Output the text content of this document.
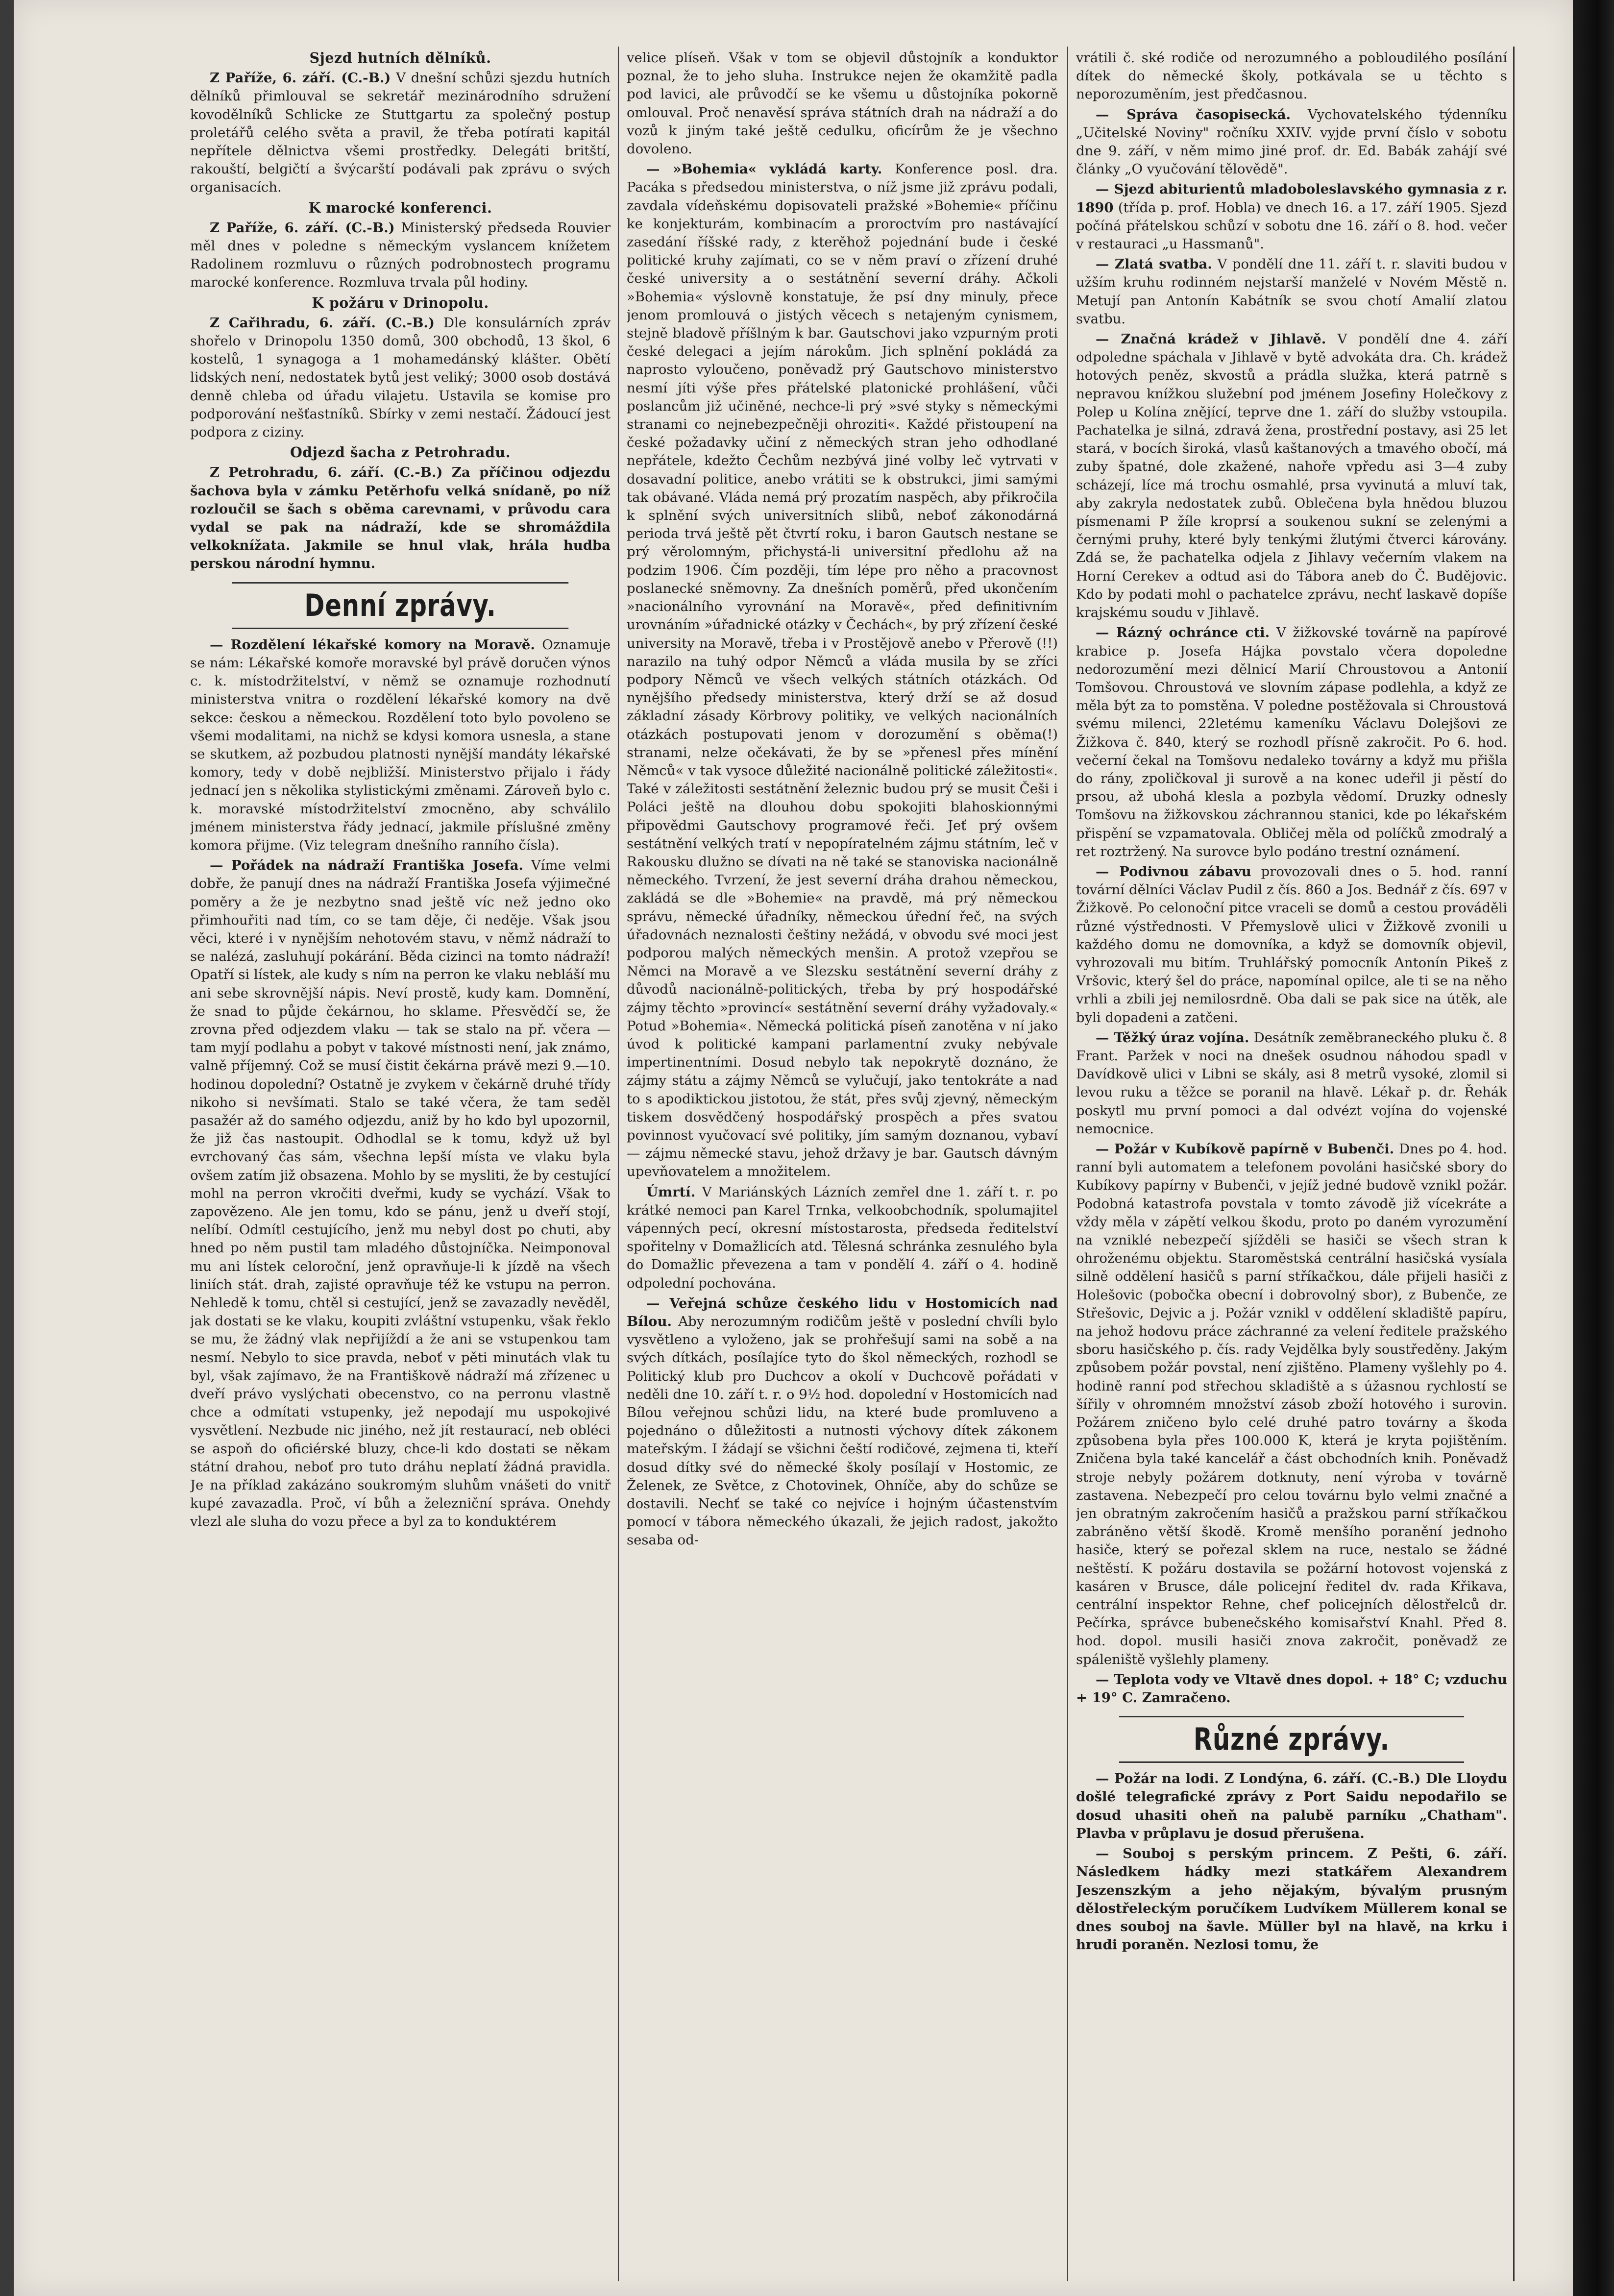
Sjezd hutních dělníků.

Z Paříže, 6. září. (C.-B.) V dnešní schůzi sjezdu hutních dělníků přimlouval se sekretář mezinárodního sdružení kovodělníků Schlicke ze Stuttgartu za společný postup proletářů celého světa a pravil, že třeba potírati kapitál nepřítele dělnictva všemi prostředky. Delegáti britští, rakouští, belgičtí a švýcarští podávali pak zprávu o svých organisacích.

K marocké konferenci.

Z Paříže, 6. září. (C.-B.) Ministerský předseda Rouvier měl dnes v poledne s německým vyslancem knížetem Radolinem rozmluvu o různých podrobnostech programu marocké konference. Rozmluva trvala půl hodiny.

K požáru v Drinopolu.

Z Cařihradu, 6. září. (C.-B.) Dle konsulárních zpráv shořelo v Drinopolu 1350 domů, 300 obchodů, 13 škol, 6 kostelů, 1 synagoga a 1 mohamedánský klášter. Obětí lidských není, nedostatek bytů jest veliký; 3000 osob dostává denně chleba od úřadu vilajetu. Ustavila se komise pro podporování nešťastníků. Sbírky v zemi nestačí. Žádoucí jest podpora z ciziny.

Odjezd šacha z Petrohradu.

Z Petrohradu, 6. září. (C.-B.) Za příčinou odjezdu šachova byla v zámku Petěrhofu velká snídaně, po níž rozloučil se šach s oběma carevnami, v průvodu cara vydal se pak na nádraží, kde se shromáždila velkoknížata. Jakmile se hnul vlak, hrála hudba perskou národní hymnu.

Denní zprávy.

— Rozdělení lékařské komory na Moravě. Oznamuje se nám: Lékařské komoře moravské byl právě doručen výnos c. k. místodržitelství, v němž se oznamuje rozhodnutí ministerstva vnitra o rozdělení lékařské komory na dvě sekce: českou a německou. Rozdělení toto bylo povoleno se všemi modalitami, na nichž se kdysi komora usnesla, a stane se skutkem, až pozbudou platnosti nynější mandáty lékařské komory, tedy v době nejbližší. Ministerstvo přijalo i řády jednací jen s několika stylistickými změnami. Zároveň bylo c. k. moravské místodržitelství zmocněno, aby schválilo jménem ministerstva řády jednací, jakmile příslušné změny komora přijme. (Viz telegram dnešního ranního čísla).

— Pořádek na nádraží Františka Josefa. Víme velmi dobře, že panují dnes na nádraží Františka Josefa výjimečné poměry a že je nezbytno snad ještě víc než jedno oko přimhouřiti nad tím, co se tam děje, či neděje. Však jsou věci, které i v nynějším nehotovém stavu, v němž nádraží to se nalézá, zasluhují pokárání. Běda cizinci na tomto nádraží! Opatří si lístek, ale kudy s ním na perron ke vlaku nebláší mu ani sebe skrovnější nápis. Neví prostě, kudy kam. Domnění, že snad to půjde čekárnou, ho sklame. Přesvědčí se, že zrovna před odjezdem vlaku — tak se stalo na př. včera — tam myjí podlahu a pobyt v takové místnosti není, jak známo, valně příjemný. Což se musí čistit čekárna právě mezi 9.—10. hodinou dopolední? Ostatně je zvykem v čekárně druhé třídy nikoho si nevšímati. Stalo se také včera, že tam seděl pasažér až do samého odjezdu, aniž by ho kdo byl upozornil, že již čas nastoupit. Odhodlal se k tomu, když už byl evrchovaný čas sám, všechna lepší místa ve vlaku byla ovšem zatím již obsazena. Mohlo by se mysliti, že by cestující mohl na perron vkročiti dveřmi, kudy se vychází. Však to zapovězeno. Ale jen tomu, kdo se pánu, jenž u dveří stojí, nelíbí. Odmítl cestujícího, jenž mu nebyl dost po chuti, aby hned po něm pustil tam mladého důstojníčka. Neimponoval mu ani lístek celoroční, jenž opravňuje-li k jízdě na všech liniích stát. drah, zajisté opravňuje též ke vstupu na perron. Nehledě k tomu, chtěl si cestující, jenž se zavazadly nevěděl, jak dostati se ke vlaku, koupiti zvláštní vstupenku, však řeklo se mu, že žádný vlak nepřijíždí a že ani se vstupenkou tam nesmí. Nebylo to sice pravda, neboť v pěti minutách vlak tu byl, však zajímavo, že na Františkově nádraží má zřízenec u dveří právo vyslýchati obecenstvo, co na perronu vlastně chce a odmítati vstupenky, jež nepodají mu uspokojivé vysvětlení. Nezbude nic jiného, než jít restaurací, neb obléci se aspoň do oficiérské bluzy, chce-li kdo dostati se někam státní drahou, neboť pro tuto dráhu neplatí žádná pravidla. Je na příklad zakázáno soukromým sluhům vnášeti do vnitř kupé zavazadla. Proč, ví bůh a železniční správa. Onehdy vlezl ale sluha do vozu přece a byl za to konduktérem

velice plíseň. Však v tom se objevil důstojník a konduktor poznal, že to jeho sluha. Instrukce nejen že okamžitě padla pod lavici, ale průvodčí se ke všemu u důstojníka pokorně omlouval. Proč nenavěsí správa státních drah na nádraží a do vozů k jiným také ještě cedulku, oficírům že je všechno dovoleno.

— »Bohemia« vykládá karty. Konference posl. dra. Pacáka s předsedou ministerstva, o níž jsme již zprávu podali, zavdala vídeňskému dopisovateli pražské »Bohemie« příčinu ke konjekturám, kombinacím a proroctvím pro nastávající zasedání říšské rady, z kterěhož pojednání bude i české politické kruhy zajímati, co se v něm praví o zřízení druhé české university a o sestátnění severní dráhy. Ačkoli »Bohemia« výslovně konstatuje, že psí dny minuly, přece jenom promlouvá o jistých věcech s netajeným cynismem, stejně bladově příšlným k bar. Gautschovi jako vzpurným proti české delegaci a jejím nárokům. Jich splnění pokládá za naprosto vyloučeno, poněvadž prý Gautschovo ministerstvo nesmí jíti výše přes přátelské platonické prohlášení, vůči poslancům již učiněné, nechce-li prý »své styky s německými stranami co nejnebezpečněji ohroziti«. Každé přistoupení na české požadavky učiní z německých stran jeho odhodlané nepřátele, kdežto Čechům nezbývá jiné volby leč vytrvati v dosavadní politice, anebo vrátiti se k obstrukci, jimi samými tak obávané. Vláda nemá prý prozatím naspěch, aby přikročila k splnění svých universitních slibů, neboť zákonodárná perioda trvá ještě pět čtvrtí roku, i baron Gautsch nestane se prý věrolomným, přichystá-li universitní předlohu až na podzim 1906. Čím později, tím lépe pro něho a pracovnost poslanecké sněmovny. Za dnešních poměrů, před ukončením »nacionálního vyrovnání na Moravě«, před definitivním urovnáním »úřadnické otázky v Čechách«, by prý zřízení české university na Moravě, třeba i v Prostějově anebo v Přerově (!!) narazilo na tuhý odpor Němců a vláda musila by se zříci podpory Němců ve všech velkých státních otázkách. Od nynějšího předsedy ministerstva, který drží se až dosud základní zásady Körbrovy politiky, ve velkých nacionálních otázkách postupovati jenom v dorozumění s oběma(!) stranami, nelze očekávati, že by se »přenesl přes mínění Němců« v tak vysoce důležité nacionálně politické záležitosti«. Také v záležitosti sestátnění železnic budou prý se musit Češi i Poláci ještě na dlouhou dobu spokojiti blahoskionnými připovědmi Gautschovy programové řeči. Jeť prý ovšem sestátnění velkých tratí v nepopíratelném zájmu státním, leč v Rakousku dlužno se dívati na ně také se stanoviska nacionálně německého. Tvrzení, že jest severní dráha drahou německou, zakládá se dle »Bohemie« na pravdě, má prý německou správu, německé úřadníky, německou úřední řeč, na svých úřadovnách neznalosti češtiny nežádá, v obvodu své moci jest podporou malých německých menšin. A protož vzepřou se Němci na Moravě a ve Slezsku sestátnění severní dráhy z důvodů nacionálně-politických, třeba by prý hospodářské zájmy těchto »provincí« sestátnění severní dráhy vyžadovaly.« Potud »Bohemia«. Německá politická píseň zanotěna v ní jako úvod k politické kampani parlamentní zvuky nebývale impertinentními. Dosud nebylo tak nepokrytě doznáno, že zájmy státu a zájmy Němců se vylučují, jako tentokráte a nad to s apodiktickou jistotou, že stát, přes svůj zjevný, německým tiskem dosvědčený hospodářský prospěch a přes svatou povinnost vyučovací své politiky, jím samým doznanou, vybaví — zájmu německé stavu, jehož državy je bar. Gautsch dávným upevňovatelem a množitelem.

Úmrtí. V Mariánských Lázních zemřel dne 1. září t. r. po krátké nemoci pan Karel Trnka, velkoobchodník, spolumajitel vápenných pecí, okresní místostarosta, předseda ředitelství spořitelny v Domažlicích atd. Tělesná schránka zesnulého byla do Domažlic převezena a tam v pondělí 4. září o 4. hodině odpolední pochována.

— Veřejná schůze českého lidu v Hostomicích nad Bílou. Aby nerozumným rodičům ještě v poslední chvíli bylo vysvětleno a vyloženo, jak se prohřešují sami na sobě a na svých dítkách, posílajíce tyto do škol německých, rozhodl se Politický klub pro Duchcov a okolí v Duchcově pořádati v neděli dne 10. září t. r. o 9½ hod. dopolední v Hostomicích nad Bílou veřejnou schůzi lidu, na které bude promluveno a pojednáno o důležitosti a nutnosti výchovy dítek zákonem mateřským. I žádají se všichni čeští rodičové, zejmena ti, kteří dosud dítky své do německé školy posílají v Hostomic, ze Želenek, ze Světce, z Chotovinek, Ohníče, aby do schůze se dostavili. Nechť se také co nejvíce i hojným účastenstvím pomocí v tábora německého úkazali, že jejich radost, jakožto sesaba od-

vrátili č. ské rodiče od nerozumného a pobloudilého posílání dítek do německé školy, potkávala se u těchto s neporozuměním, jest předčasnou.

— Správa časopisecká. Vychovatelského týdenníku „Učitelské Noviny" ročníku XXIV. vyjde první číslo v sobotu dne 9. září, v něm mimo jiné prof. dr. Ed. Babák zahájí své články „O vyučování tělovědě".

— Sjezd abiturientů mladoboleslavského gymnasia z r. 1890 (třída p. prof. Hobla) ve dnech 16. a 17. září 1905. Sjezd počíná přátelskou schůzí v sobotu dne 16. září o 8. hod. večer v restauraci „u Hassmanů".

— Zlatá svatba. V pondělí dne 11. září t. r. slaviti budou v užším kruhu rodinném nejstarší manželé v Novém Městě n. Metují pan Antonín Kabátník se svou chotí Amalií zlatou svatbu.

— Značná krádež v Jihlavě. V pondělí dne 4. září odpoledne spáchala v Jihlavě v bytě advokáta dra. Ch. krádež hotových peněz, skvostů a prádla služka, která patrně s nepravou knížkou služební pod jménem Josefiny Holečkovy z Polep u Kolína znějící, teprve dne 1. září do služby vstoupila. Pachatelka je silná, zdravá žena, prostřední postavy, asi 25 let stará, v bocích široká, vlasů kaštanových a tmavého obočí, má zuby špatné, dole zkažené, nahoře vpředu asi 3—4 zuby scházejí, líce má trochu osmahlé, prsa vyvinutá a mluví tak, aby zakryla nedostatek zubů. Oblečena byla hnědou bluzou písmenami P žíle kroprsí a soukenou sukní se zelenými a černými pruhy, které byly tenkými žlutými čtverci károvány. Zdá se, že pachatelka odjela z Jihlavy večerním vlakem na Horní Cerekev a odtud asi do Tábora aneb do Č. Budějovic. Kdo by podati mohl o pachatelce zprávu, nechť laskavě dopíše krajskému soudu v Jihlavě.

— Rázný ochránce cti. V žižkovské továrně na papírové krabice p. Josefa Hájka povstalo včera dopoledne nedorozumění mezi dělnicí Marií Chroustovou a Antonií Tomšovou. Chroustová ve slovním zápase podlehla, a když ze měla být za to pomstěna. V poledne postěžovala si Chroustová svému milenci, 22letému kameníku Václavu Dolejšovi ze Žižkova č. 840, který se rozhodl přísně zakročit. Po 6. hod. večerní čekal na Tomšovu nedaleko továrny a když mu přišla do rány, zpoličkoval ji surově a na konec udeřil ji pěstí do prsou, až ubohá klesla a pozbyla vědomí. Druzky odnesly Tomšovu na žižkovskou záchrannou stanici, kde po lékařském přispění se vzpamatovala. Obličej měla od políčků zmodralý a ret roztržený. Na surovce bylo podáno trestní oznámení.

— Podivnou zábavu provozovali dnes o 5. hod. ranní tovární dělníci Václav Pudil z čís. 860 a Jos. Bednář z čís. 697 v Žižkově. Po celonoční pitce vraceli se domů a cestou prováděli různé výstřednosti. V Přemyslově ulici v Žižkově zvonili u každého domu ne domovníka, a když se domovník objevil, vyhrozovali mu bitím. Truhlářský pomocník Antonín Pikeš z Vršovic, který šel do práce, napomínal opilce, ale ti se na něho vrhli a zbili jej nemilosrdně. Oba dali se pak sice na útěk, ale byli dopadeni a zatčeni.

— Těžký úraz vojína. Desátník zeměbraneckého pluku č. 8 Frant. Paržek v noci na dnešek osudnou náhodou spadl v Davídkově ulici v Libni se skály, asi 8 metrů vysoké, zlomil si levou ruku a těžce se poranil na hlavě. Lékař p. dr. Řehák poskytl mu první pomoci a dal odvézt vojína do vojenské nemocnice.

— Požár v Kubíkově papírně v Bubenči. Dnes po 4. hod. ranní byli automatem a telefonem povoláni hasičské sbory do Kubíkovy papírny v Bubenči, v jejíž jedné budově vznikl požár. Podobná katastrofa povstala v tomto závodě již vícekráte a vždy měla v zápětí velkou škodu, proto po daném vyrozumění na vzniklé nebezpečí sjížděli se hasiči se všech stran k ohroženému objektu. Staroměstská centrální hasičská vysíala silně oddělení hasičů s parní stříkačkou, dále přijeli hasiči z Holešovic (pobočka obecní i dobrovolný sbor), z Bubenče, ze Střešovic, Dejvic a j. Požár vznikl v oddělení skladiště papíru, na jehož hodovu práce záchranné za velení ředitele pražského sboru hasičského p. čís. rady Vejdělka byly soustředěny. Jakým způsobem požár povstal, není zjištěno. Plameny vyšlehly po 4. hodině ranní pod střechou skladiště a s úžasnou rychlostí se šířily v ohromném množství zásob zboží hotového i surovin. Požárem zničeno bylo celé druhé patro továrny a škoda způsobena byla přes 100.000 K, která je kryta pojištěním. Zničena byla také kancelář a část obchodních knih. Poněvadž stroje nebyly požárem dotknuty, není výroba v továrně zastavena. Nebezpečí pro celou továrnu bylo velmi značné a jen obratným zakročením hasičů a pražskou parní stříkačkou zabráněno větší škodě. Kromě menšího poranění jednoho hasiče, který se pořezal sklem na ruce, nestalo se žádné neštěstí. K požáru dostavila se požární hotovost vojenská z kasáren v Brusce, dále policejní ředitel dv. rada Křikava, centrální inspektor Rehne, chef policejních dělostřelců dr. Pečírka, správce bubenečského komisařství Knahl. Před 8. hod. dopol. musili hasiči znova zakročit, poněvadž ze spáleniště vyšlehly plameny.

— Teplota vody ve Vltavě dnes dopol. + 18° C; vzduchu + 19° C. Zamračeno.

Různé zprávy.

— Požár na lodi. Z Londýna, 6. září. (C.-B.) Dle Lloydu došlé telegrafické zprávy z Port Saidu nepodařilo se dosud uhasiti oheň na palubě parníku „Chatham". Plavba v průplavu je dosud přerušena.

— Souboj s perským princem. Z Pešti, 6. září. Následkem hádky mezi statkářem Alexandrem Jeszenszkým a jeho nějakým, bývalým prusným dělostřeleckým poručíkem Ludvíkem Müllerem konal se dnes souboj na šavle. Müller byl na hlavě, na krku i hrudi poraněn. Nezlosi tomu, že
